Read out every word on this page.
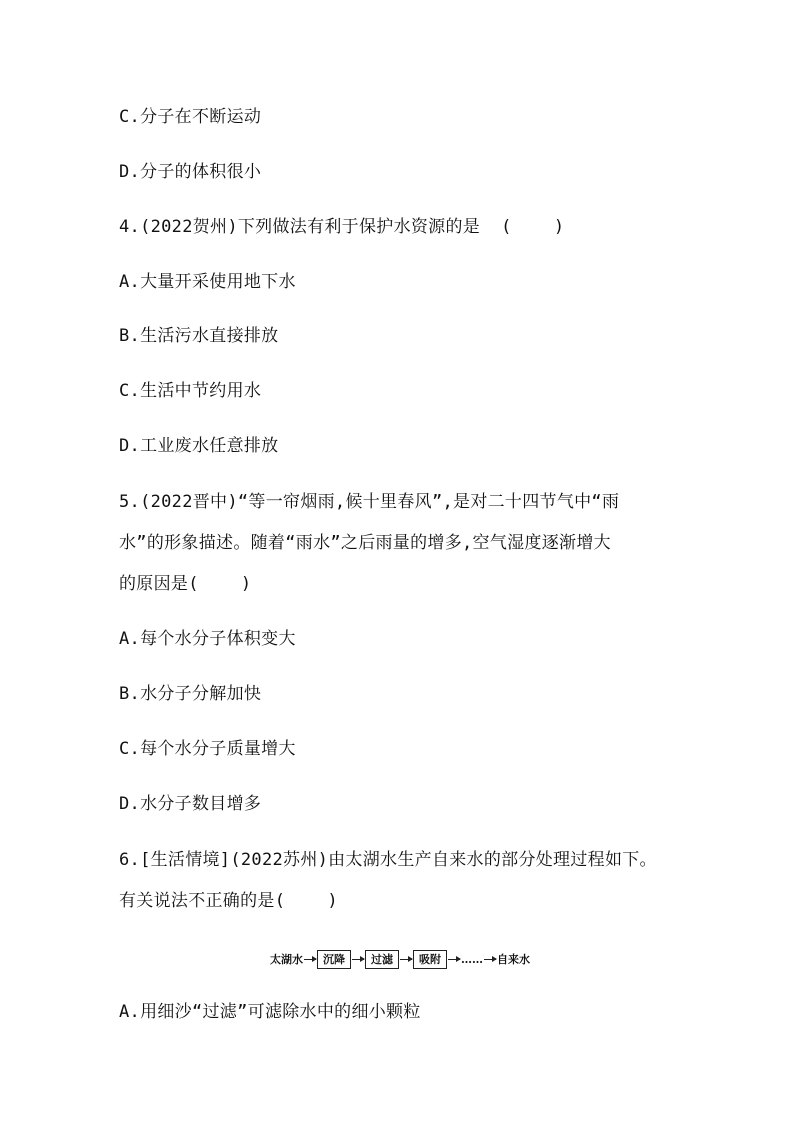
C.分子在不断运动
D.分子的体积很小
4.(2022贺州)下列做法有利于保护水资源的是  (    )
A.大量开采使用地下水
B.生活污水直接排放
C.生活中节约用水
D.工业废水任意排放
5.(2022晋中)“等一帘烟雨,候十里春风”,是对二十四节气中“雨
水”的形象描述。随着“雨水”之后雨量的增多,空气湿度逐渐增大
的原因是(    )
A.每个水分子体积变大
B.水分子分解加快
C.每个水分子质量增大
D.水分子数目增多
6.[生活情境](2022苏州)由太湖水生产自来水的部分处理过程如下。
有关说法不正确的是(    )
太湖水	沉降	过滤	吸附	…… 自来水
A.用细沙“过滤”可滤除水中的细小颗粒
